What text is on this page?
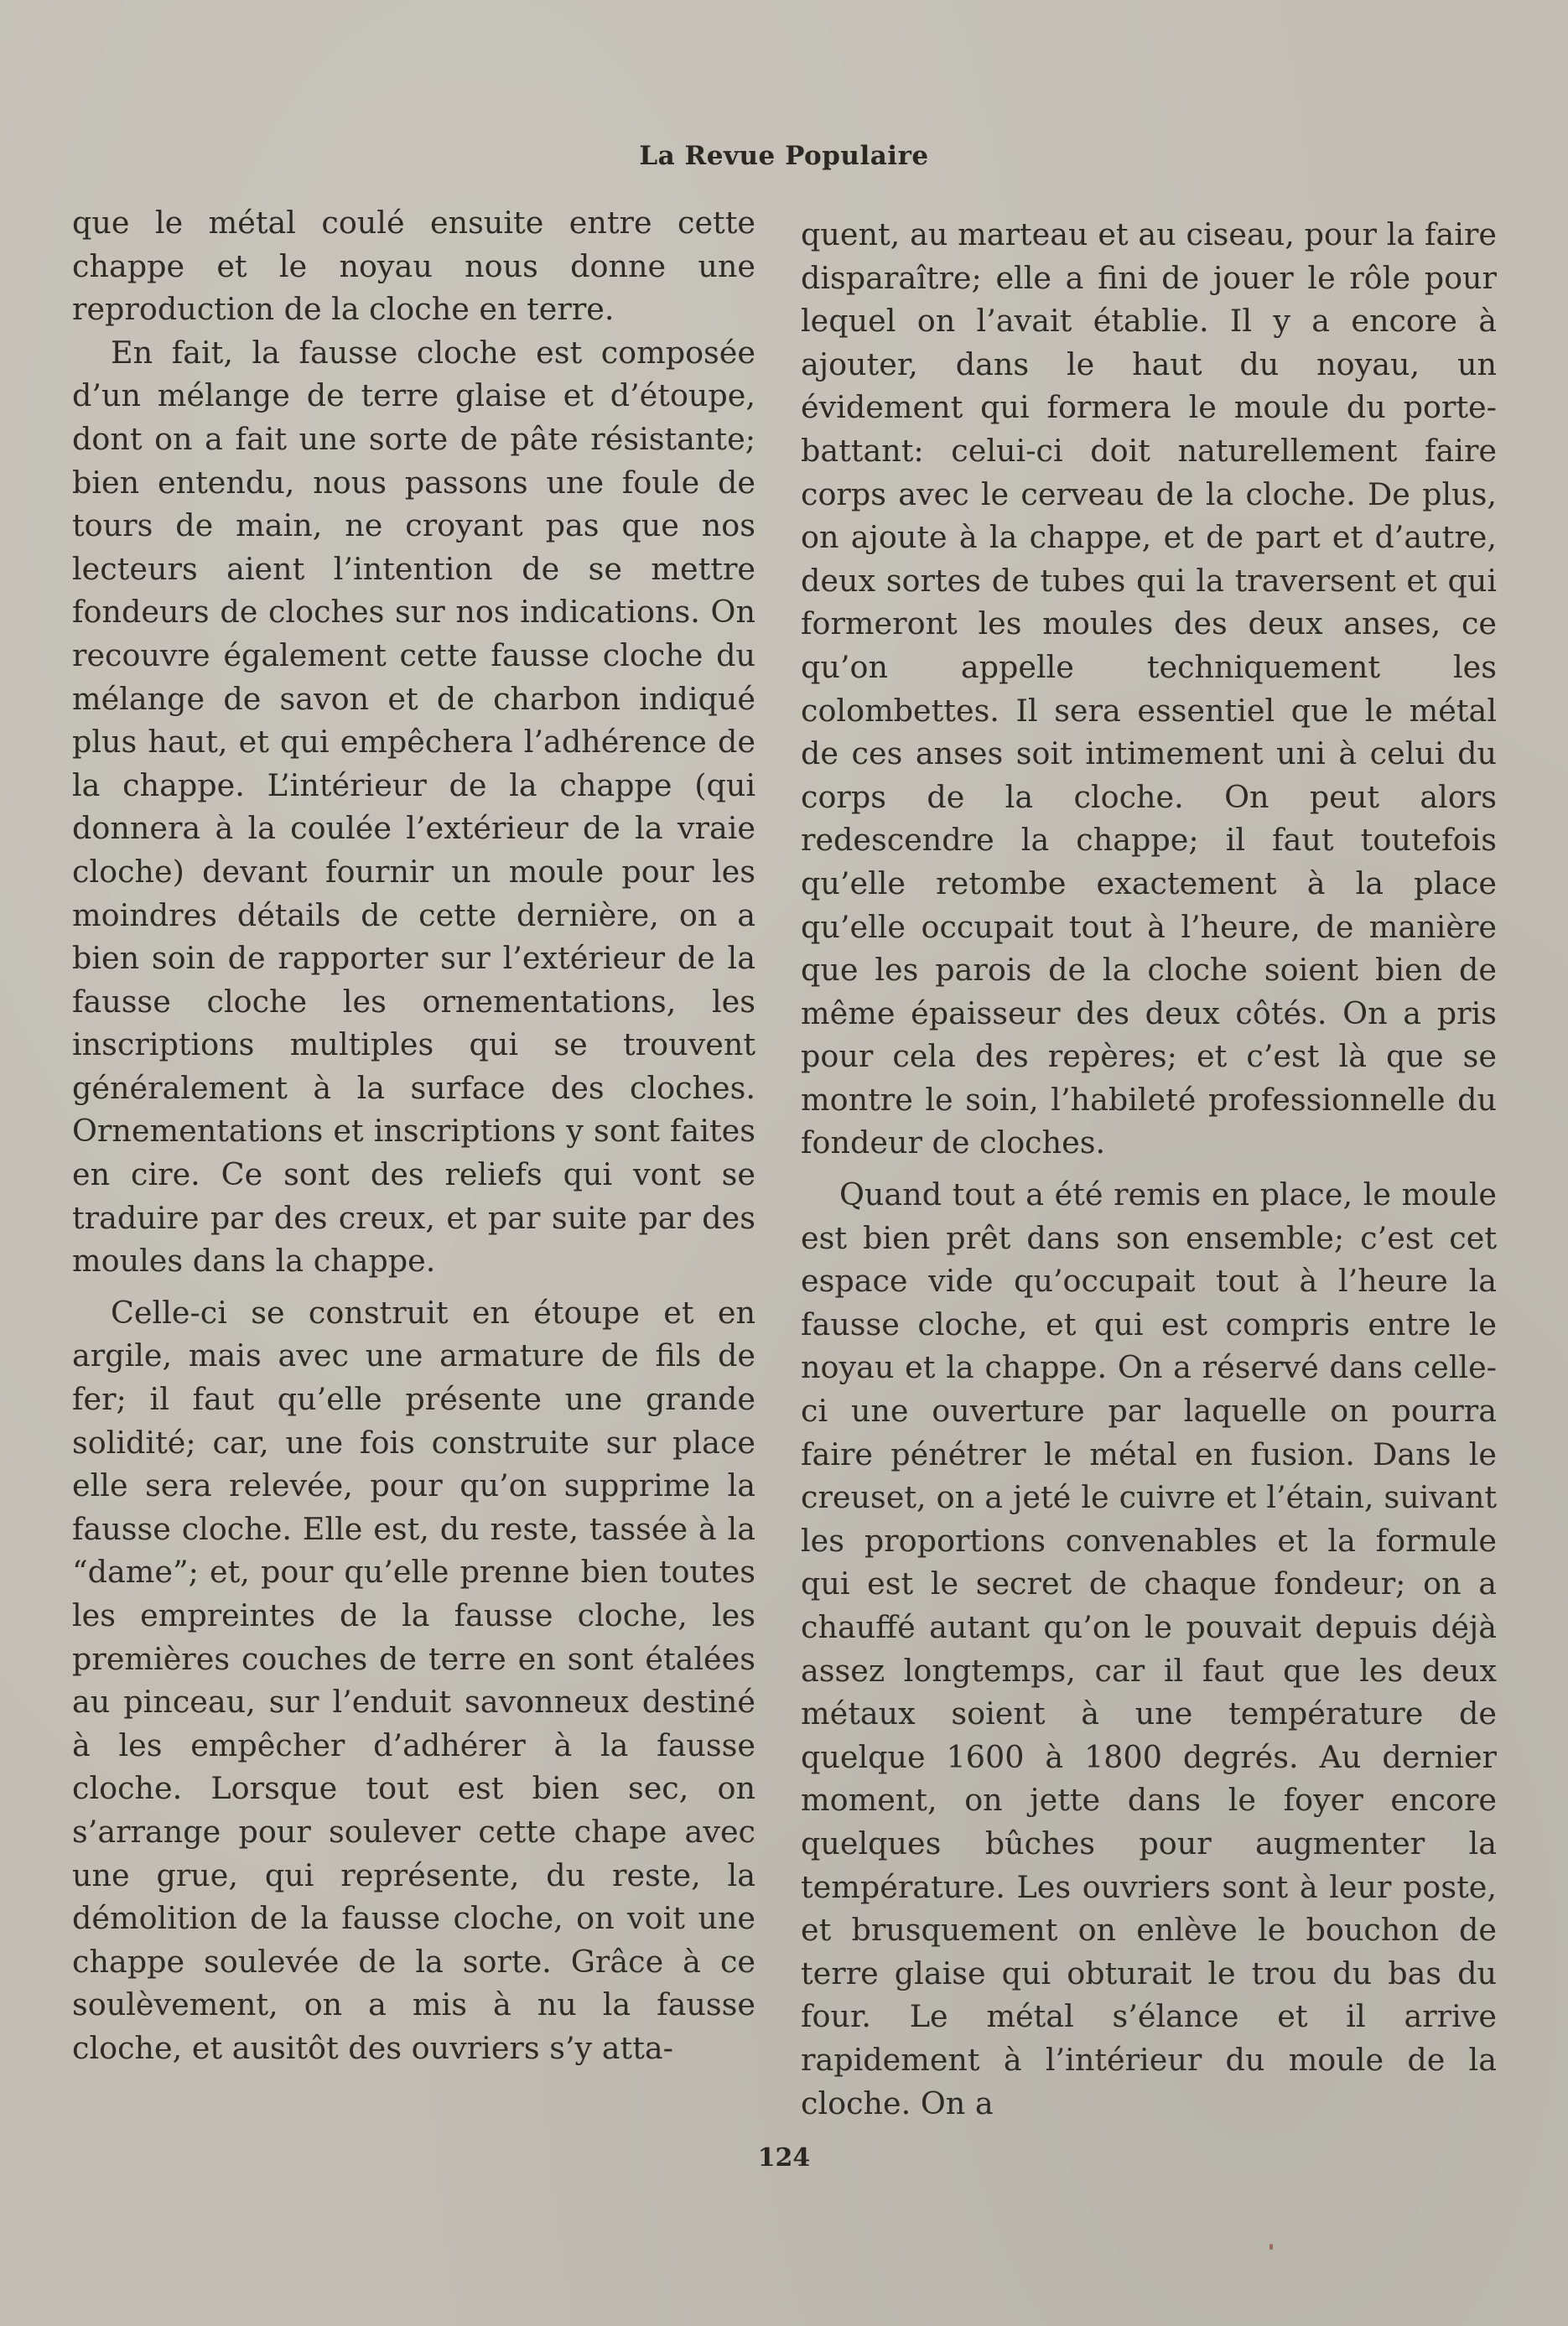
La Revue Populaire

que le métal coulé ensuite entre cette chappe et le noyau nous donne une reproduction de la cloche en terre.

En fait, la fausse cloche est composée d’un mélange de terre glaise et d’étoupe, dont on a fait une sorte de pâte résistante; bien entendu, nous passons une foule de tours de main, ne croyant pas que nos lecteurs aient l’intention de se mettre fondeurs de cloches sur nos indications. On recouvre également cette fausse cloche du mélange de savon et de charbon indiqué plus haut, et qui empêchera l’adhérence de la chappe. L’intérieur de la chappe (qui donnera à la coulée l’extérieur de la vraie cloche) devant fournir un moule pour les moindres détails de cette dernière, on a bien soin de rapporter sur l’extérieur de la fausse cloche les ornementations, les inscriptions multiples qui se trouvent généralement à la surface des cloches. Ornementations et inscriptions y sont faites en cire. Ce sont des reliefs qui vont se traduire par des creux, et par suite par des moules dans la chappe.

Celle-ci se construit en étoupe et en argile, mais avec une armature de fils de fer; il faut qu’elle présente une grande solidité; car, une fois construite sur place elle sera relevée, pour qu’on supprime la fausse cloche. Elle est, du reste, tassée à la “dame”; et, pour qu’elle prenne bien toutes les empreintes de la fausse cloche, les premières couches de terre en sont étalées au pinceau, sur l’enduit savonneux destiné à les empêcher d’adhérer à la fausse cloche. Lorsque tout est bien sec, on s’arrange pour soulever cette chape avec une grue, qui représente, du reste, la démolition de la fausse cloche, on voit une chappe soulevée de la sorte. Grâce à ce soulèvement, on a mis à nu la fausse cloche, et ausitôt des ouvriers s’y atta-

quent, au marteau et au ciseau, pour la faire disparaître; elle a fini de jouer le rôle pour lequel on l’avait établie. Il y a encore à ajouter, dans le haut du noyau, un évidement qui formera le moule du porte-battant: celui-ci doit naturellement faire corps avec le cerveau de la cloche. De plus, on ajoute à la chappe, et de part et d’autre, deux sortes de tubes qui la traversent et qui formeront les moules des deux anses, ce qu’on appelle techniquement les colombettes. Il sera essentiel que le métal de ces anses soit intimement uni à celui du corps de la cloche. On peut alors redescendre la chappe; il faut toutefois qu’elle retombe exactement à la place qu’elle occupait tout à l’heure, de manière que les parois de la cloche soient bien de même épaisseur des deux côtés. On a pris pour cela des repères; et c’est là que se montre le soin, l’habileté professionnelle du fondeur de cloches.

Quand tout a été remis en place, le moule est bien prêt dans son ensemble; c’est cet espace vide qu’occupait tout à l’heure la fausse cloche, et qui est compris entre le noyau et la chappe. On a réservé dans celle-ci une ouverture par laquelle on pourra faire pénétrer le métal en fusion. Dans le creuset, on a jeté le cuivre et l’étain, suivant les proportions convenables et la formule qui est le secret de chaque fondeur; on a chauffé autant qu’on le pouvait depuis déjà assez longtemps, car il faut que les deux métaux soient à une température de quelque 1600 à 1800 degrés. Au dernier moment, on jette dans le foyer encore quelques bûches pour augmenter la température. Les ouvriers sont à leur poste, et brusquement on enlève le bouchon de terre glaise qui obturait le trou du bas du four. Le métal s’élance et il arrive rapidement à l’intérieur du moule de la cloche. On a

124
